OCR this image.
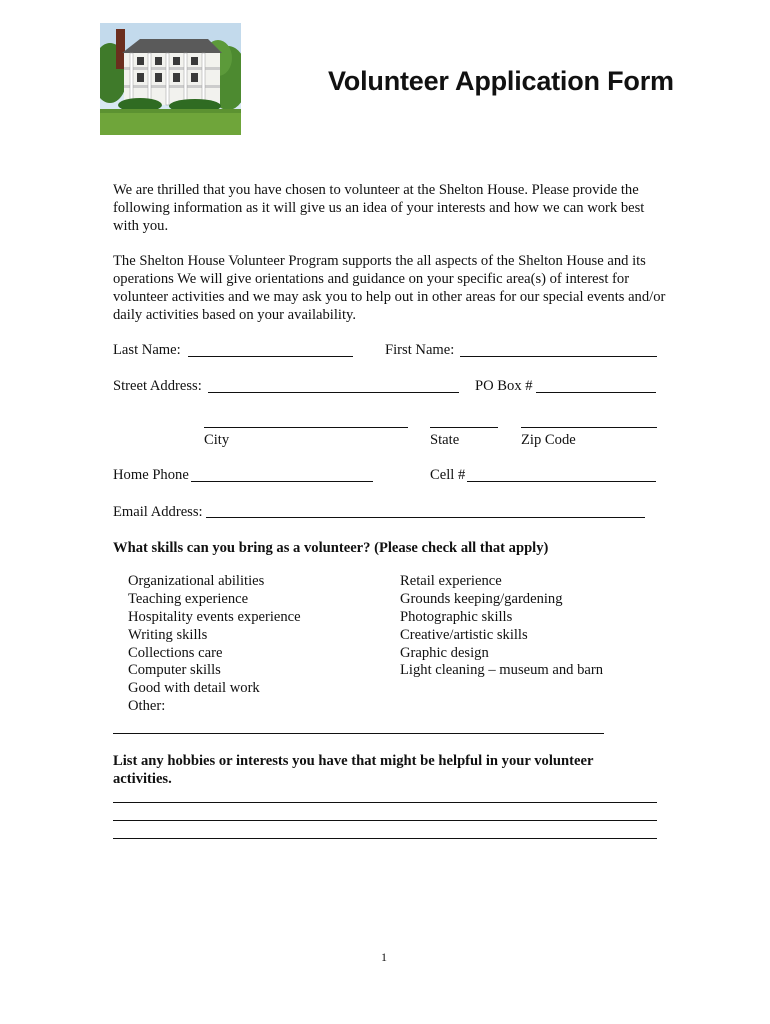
Volunteer Application Form
We are thrilled that you have chosen to volunteer at the Shelton House. Please provide the following information as it will give us an idea of your interests and how we can work best with you.
The Shelton House Volunteer Program supports the all aspects of the Shelton House and its operations We will give orientations and guidance on your specific area(s) of interest for volunteer activities and we may ask you to help out in other areas for our special events and/or daily activities based on your availability.
Last Name:	First Name:
Street Address:	PO Box #
City	State	Zip Code
Home Phone	Cell #
Email Address:
What skills can you bring as a volunteer? (Please check all that apply)
Organizational abilities
Teaching experience
Hospitality events experience
Writing skills
Collections care
Computer skills
Good with detail work
Other:
Retail experience
Grounds keeping/gardening
Photographic skills
Creative/artistic skills
Graphic design
Light cleaning – museum and barn
List any hobbies or interests you have that might be helpful in your volunteer activities.
1
